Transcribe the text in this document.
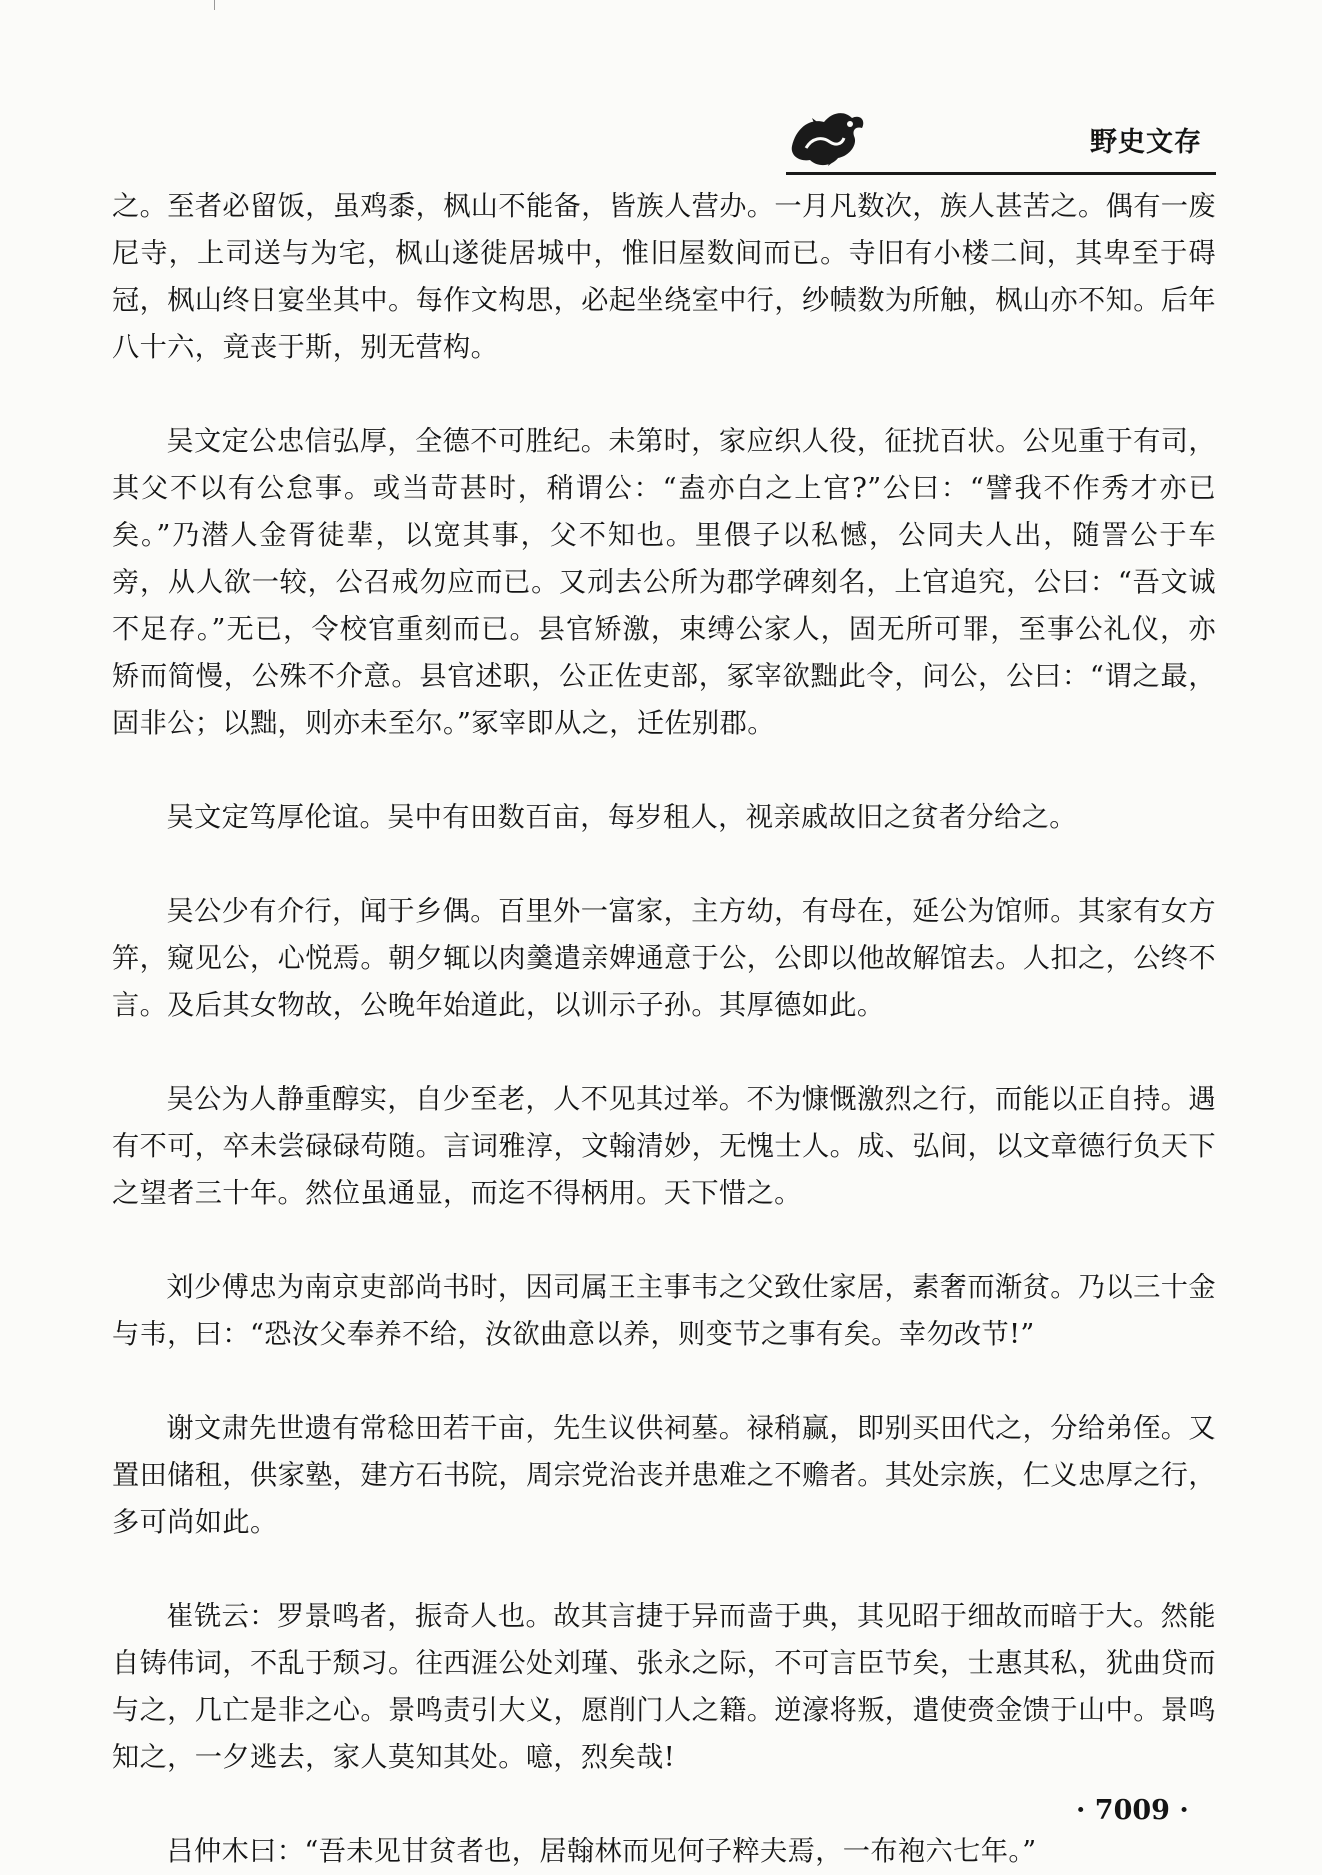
野史文存

之。至者必留饭，虽鸡黍，枫山不能备，皆族人营办。一月凡数次，族人甚苦之。偶有一废尼寺，上司送与为宅，枫山遂徙居城中，惟旧屋数间而已。寺旧有小楼二间，其卑至于碍冠，枫山终日宴坐其中。每作文构思，必起坐绕室中行，纱帻数为所触，枫山亦不知。后年八十六，竟丧于斯，别无营构。

吴文定公忠信弘厚，全德不可胜纪。未第时，家应织人役，征扰百状。公见重于有司，其父不以有公怠事。或当苛甚时，稍谓公：“盍亦白之上官?”公曰：“譬我不作秀才亦已矣。”乃潜人金胥徒辈，以宽其事，父不知也。里偎子以私憾，公同夫人出，随詈公于车旁，从人欲一较，公召戒勿应而已。又刓去公所为郡学碑刻名，上官追究，公曰：“吾文诚不足存。”无已，令校官重刻而已。县官矫激，束缚公家人，固无所可罪，至事公礼仪，亦矫而简慢，公殊不介意。县官述职，公正佐吏部，冢宰欲黜此令，问公，公曰：“谓之最，固非公；以黜，则亦未至尔。”冢宰即从之，迁佐别郡。

吴文定笃厚伦谊。吴中有田数百亩，每岁租人，视亲戚故旧之贫者分给之。

吴公少有介行，闻于乡偶。百里外一富家，主方幼，有母在，延公为馆师。其家有女方笄，窥见公，心悦焉。朝夕辄以肉羹遣亲婢通意于公，公即以他故解馆去。人扣之，公终不言。及后其女物故，公晚年始道此，以训示子孙。其厚德如此。

吴公为人静重醇实，自少至老，人不见其过举。不为慷慨激烈之行，而能以正自持。遇有不可，卒未尝碌碌苟随。言词雅淳，文翰清妙，无愧士人。成、弘间，以文章德行负天下之望者三十年。然位虽通显，而迄不得柄用。天下惜之。

刘少傅忠为南京吏部尚书时，因司属王主事韦之父致仕家居，素奢而渐贫。乃以三十金与韦，曰：“恐汝父奉养不给，汝欲曲意以养，则变节之事有矣。幸勿改节!”

谢文肃先世遗有常稔田若干亩，先生议供祠墓。禄稍赢，即别买田代之，分给弟侄。又置田储租，供家塾，建方石书院，周宗党治丧并患难之不赡者。其处宗族，仁义忠厚之行，多可尚如此。

崔铣云：罗景鸣者，振奇人也。故其言捷于异而啬于典，其见昭于细故而暗于大。然能自铸伟词，不乱于颓习。往西涯公处刘瑾、张永之际，不可言臣节矣，士惠其私，犹曲贷而与之，几亡是非之心。景鸣责引大义，愿削门人之籍。逆濠将叛，遣使赍金馈于山中。景鸣知之，一夕逃去，家人莫知其处。噫，烈矣哉!

吕仲木曰：“吾未见甘贫者也，居翰林而见何子粹夫焉，一布袍六七年。”

· 7009 ·
